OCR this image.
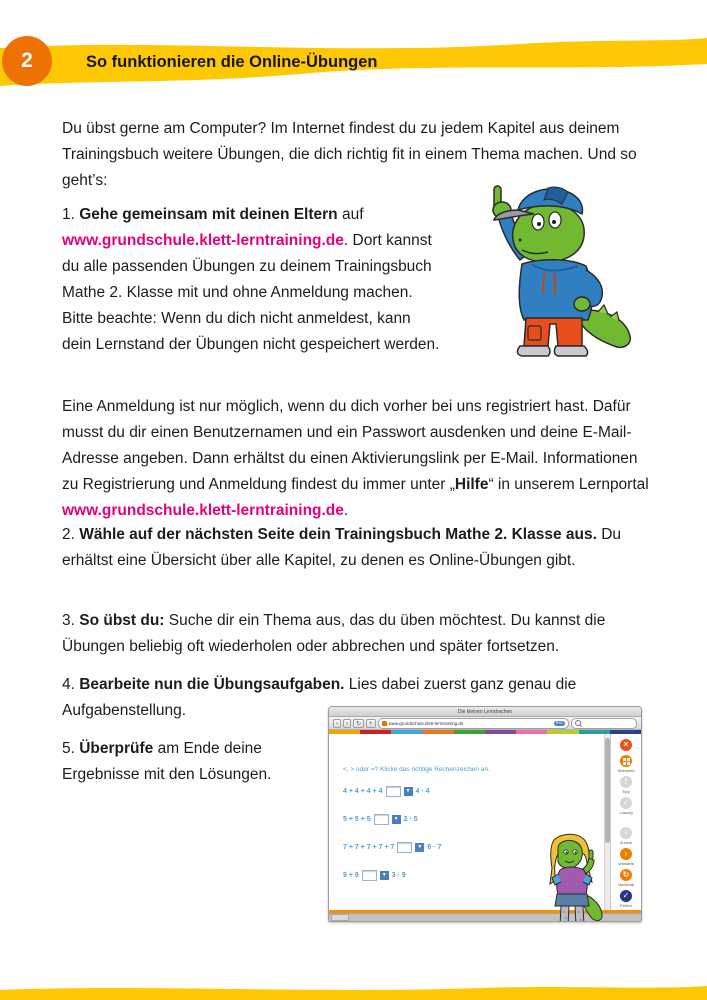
2	So funktionieren die Online-Übungen

Du übst gerne am Computer? Im Internet findest du zu jedem Kapitel aus deinem Trainingsbuch weitere Übungen, die dich richtig fit in einem Thema machen. Und so geht’s:

1. Gehe gemeinsam mit deinen Eltern auf www.grundschule.klett-lerntraining.de. Dort kannst du alle passenden Übungen zu deinem Trainingsbuch Mathe 2. Klasse mit und ohne Anmeldung machen. Bitte beachte: Wenn du dich nicht anmeldest, kann dein Lernstand der Übungen nicht gespeichert werden.

Eine Anmeldung ist nur möglich, wenn du dich vorher bei uns registriert hast. Dafür musst du dir einen Benutzernamen und ein Passwort ausdenken und deine E-Mail-Adresse angeben. Dann erhältst du einen Aktivierungslink per E-Mail. Informationen zu Registrierung und Anmeldung findest du immer unter „Hilfe“ in unserem Lernportal www.grundschule.klett-lerntraining.de.

2. Wähle auf der nächsten Seite dein Trainingsbuch Mathe 2. Klasse aus. Du erhältst eine Übersicht über alle Kapitel, zu denen es Online-Übungen gibt.

3. So übst du: Suche dir ein Thema aus, das du üben möchtest. Du kannst die Übungen beliebig oft wiederholen oder abbrechen und später fortsetzen.

4. Bearbeite nun die Übungsaufgaben. Lies dabei zuerst ganz genau die Aufgabenstellung.

5. Überprüfe am Ende deine Ergebnisse mit den Lösungen.

Die kleinen Lerndrachen
‹	›	↻	+	www.grundschule.klett-lerntraining.de	RSS
<, > oder =? Klicke das richtige Rechenzeichen an.
4 + 4 + 4 + 4	▼ 4 · 4
5 + 5 + 5	▼ 2 · 5
7 + 7 + 7 + 7 + 7	▼ 6 · 7
9 + 9	▼ 3 · 9
✕
Übersicht
!
Tipp
✓
Lösung
‹
Zurück
›
Vorwärts
↻
Nochmal
✓
Prüfen
